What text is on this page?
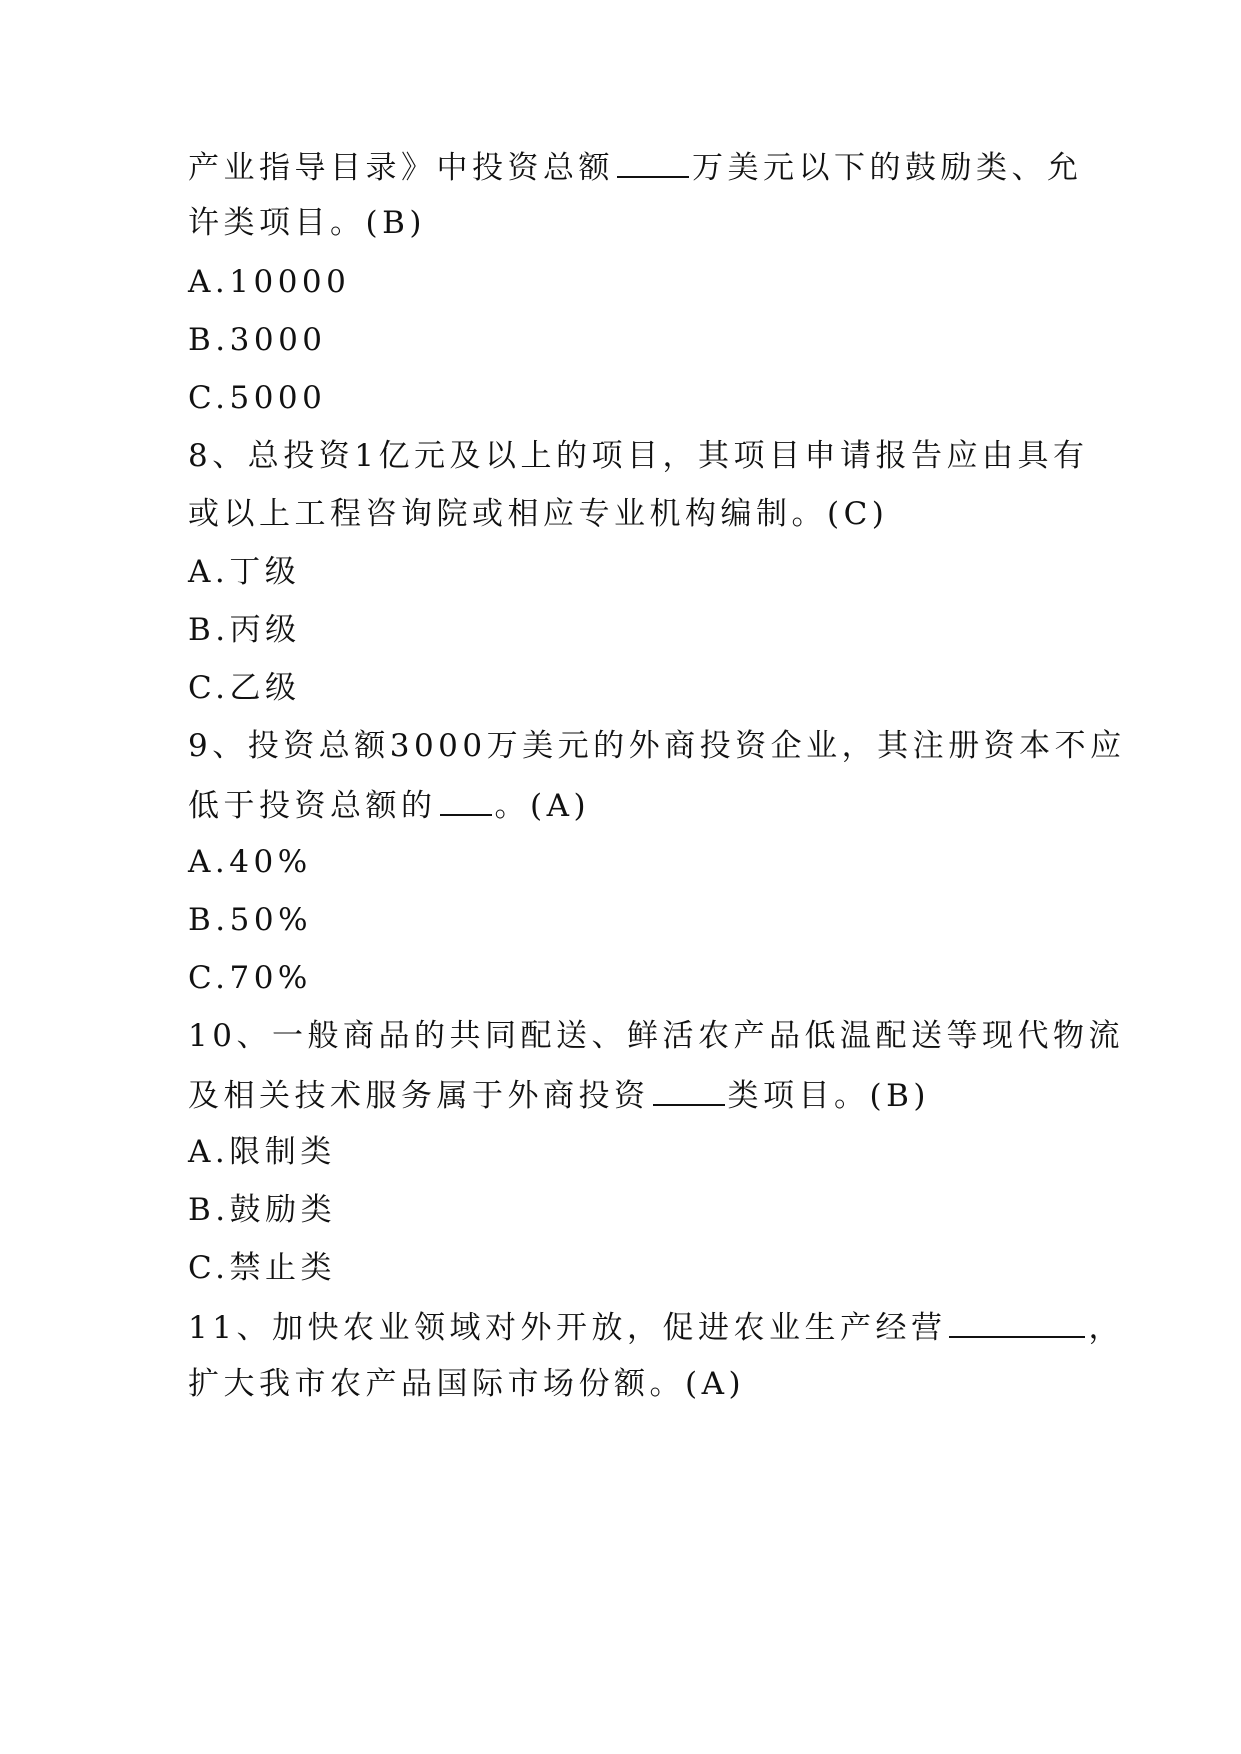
产业指导目录》中投资总额	万美元以下的鼓励类、允
许类项目。(B)
A.10000
B.3000
C.5000
8、总投资1亿元及以上的项目，其项目申请报告应由具有
或以上工程咨询院或相应专业机构编制。(C)
A.丁级
B.丙级
C.乙级
9、投资总额3000万美元的外商投资企业，其注册资本不应
低于投资总额的 。(A)
A.40%
B.50%
C.70%
10、一般商品的共同配送、鲜活农产品低温配送等现代物流
及相关技术服务属于外商投资	类项目。(B)
A.限制类
B.鼓励类
C.禁止类
11、加快农业领域对外开放，促进农业生产经营	，
扩大我市农产品国际市场份额。(A)
